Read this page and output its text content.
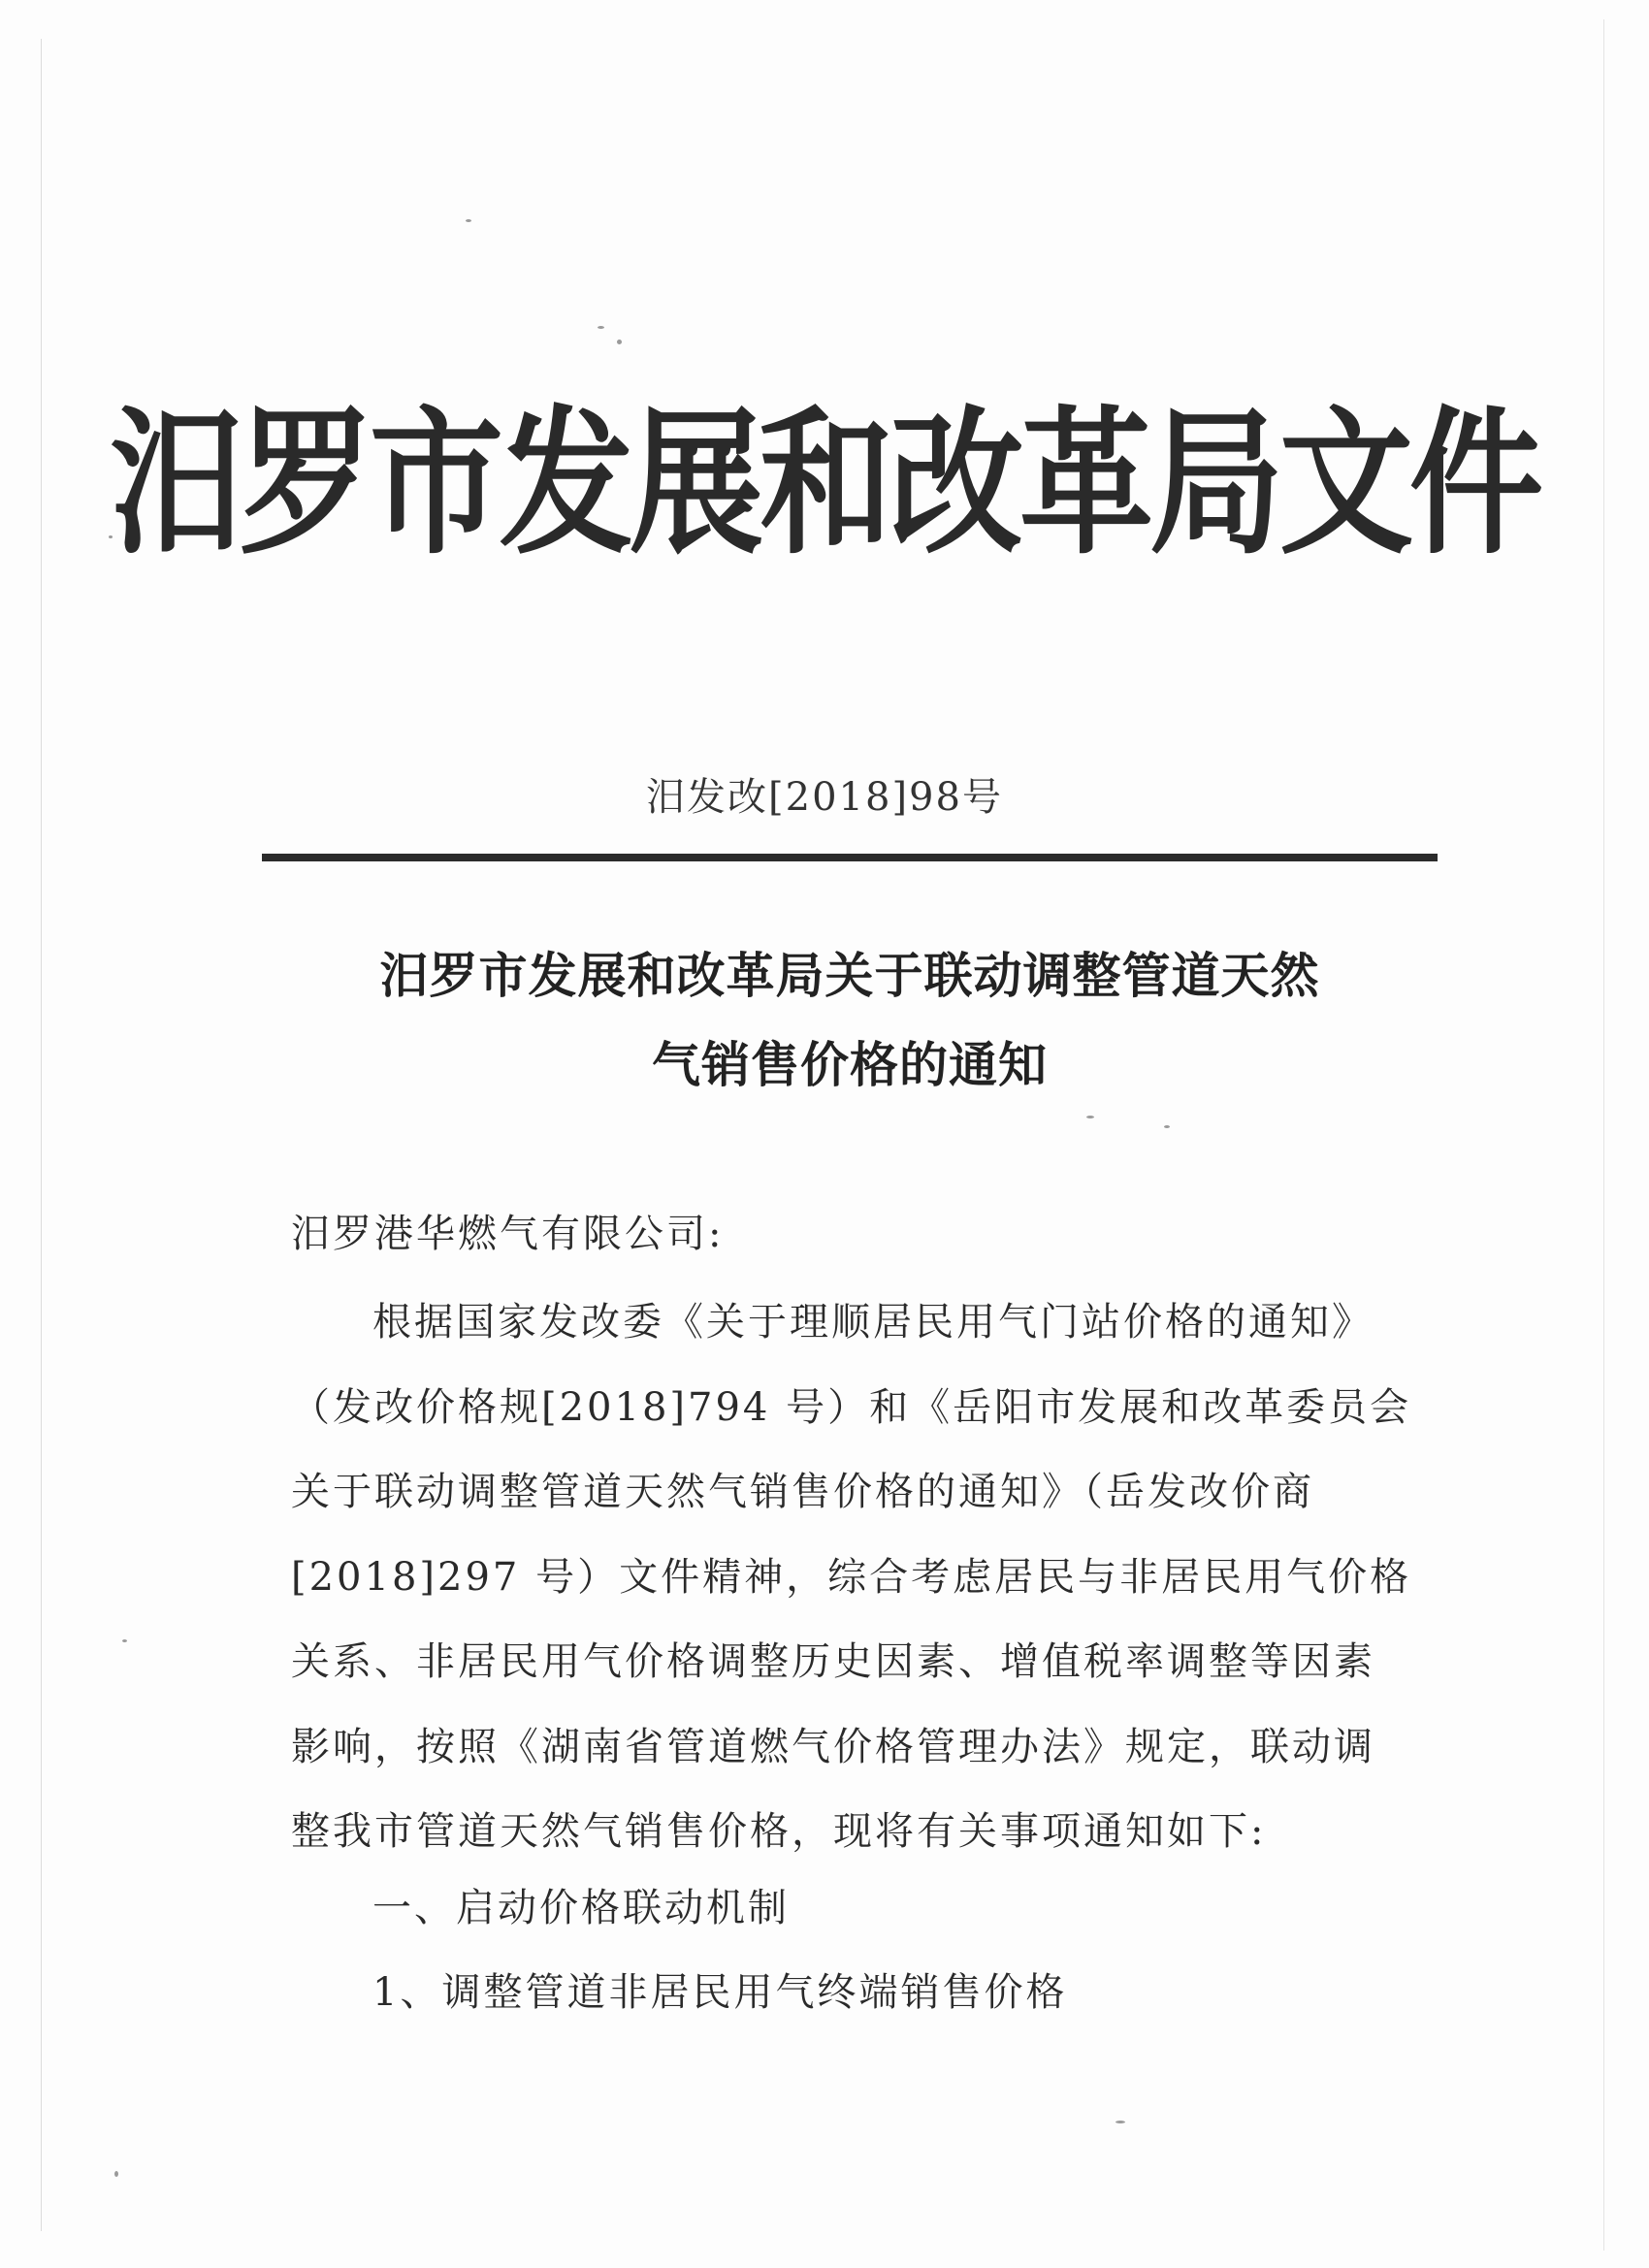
汨罗市发展和改革局文件
汨发改[2018]98号
汨罗市发展和改革局关于联动调整管道天然
气销售价格的通知
汨罗港华燃气有限公司:
根据国家发改委《关于理顺居民用气门站价格的通知》
（发改价格规[2018]794 号）和《岳阳市发展和改革委员会
关于联动调整管道天然气销售价格的通知》（岳发改价商
[2018]297 号）文件精神，综合考虑居民与非居民用气价格
关系、非居民用气价格调整历史因素、增值税率调整等因素
影响，按照《湖南省管道燃气价格管理办法》规定，联动调
整我市管道天然气销售价格，现将有关事项通知如下:
一、启动价格联动机制
1、调整管道非居民用气终端销售价格
